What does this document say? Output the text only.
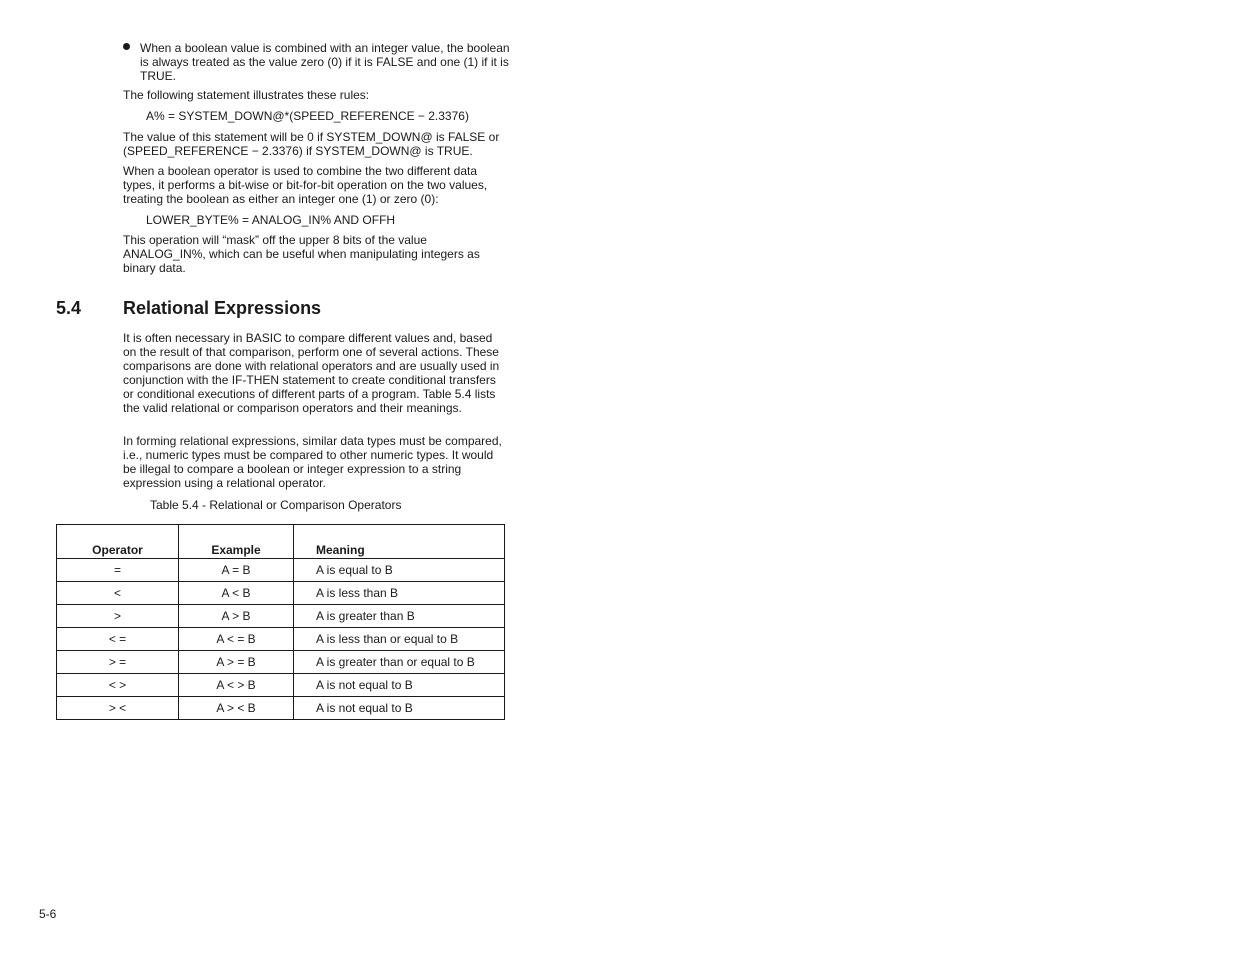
When a boolean value is combined with an integer value, the boolean is always treated as the value zero (0) if it is FALSE and one (1) if it is TRUE.

The following statement illustrates these rules:

A% = SYSTEM_DOWN@*(SPEED_REFERENCE − 2.3376)

The value of this statement will be 0 if SYSTEM_DOWN@ is FALSE or (SPEED_REFERENCE − 2.3376) if SYSTEM_DOWN@ is TRUE.

When a boolean operator is used to combine the two different data types, it performs a bit-wise or bit-for-bit operation on the two values, treating the boolean as either an integer one (1) or zero (0):

LOWER_BYTE% = ANALOG_IN% AND OFFH

This operation will “mask” off the upper 8 bits of the value ANALOG_IN%, which can be useful when manipulating integers as binary data.

5.4 Relational Expressions

It is often necessary in BASIC to compare different values and, based on the result of that comparison, perform one of several actions. These comparisons are done with relational operators and are usually used in conjunction with the IF-THEN statement to create conditional transfers or conditional executions of different parts of a program. Table 5.4 lists the valid relational or comparison operators and their meanings.

In forming relational expressions, similar data types must be compared, i.e., numeric types must be compared to other numeric types. It would be illegal to compare a boolean or integer expression to a string expression using a relational operator.

Table 5.4 - Relational or Comparison Operators

Operator	Example	Meaning
=	A = B	A is equal to B
<	A < B	A is less than B
>	A > B	A is greater than B
< =	A < = B	A is less than or equal to B
> =	A > = B	A is greater than or equal to B
< >	A < > B	A is not equal to B
> <	A > < B	A is not equal to B
5-6
